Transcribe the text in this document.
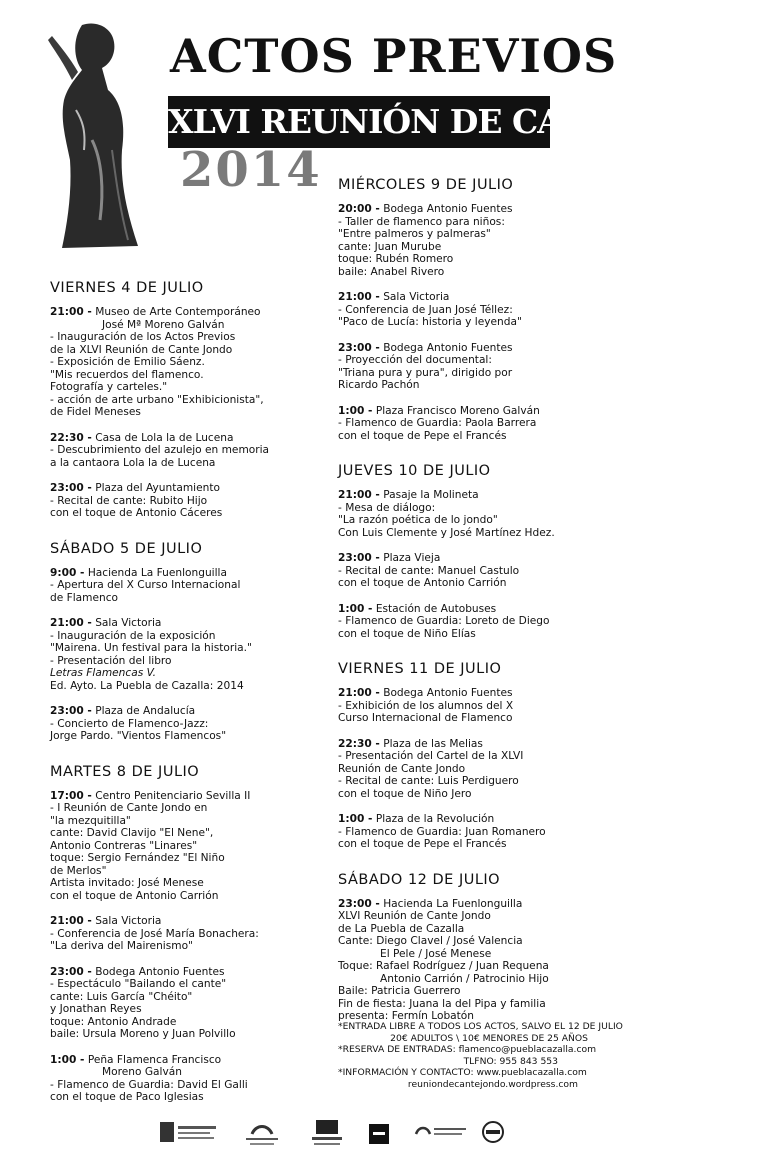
ACTOS PREVIOS
XLVI REUNIÓN DE CANTE JONDO
2014
VIERNES 4 DE JULIO
21:00 - Museo de Arte Contemporáneo
José Mª Moreno Galván
- Inauguración de los Actos Previos
de la XLVI Reunión de Cante Jondo
- Exposición de Emilio Sáenz.
"Mis recuerdos del flamenco.
Fotografía y carteles."
- acción de arte urbano "Exhibicionista",
de Fidel Meneses
22:30 - Casa de Lola la de Lucena
- Descubrimiento del azulejo en memoria
a la cantaora Lola la de Lucena
23:00 - Plaza del Ayuntamiento
- Recital de cante: Rubito Hijo
con el toque de Antonio Cáceres
SÁBADO 5 DE JULIO
9:00 - Hacienda La Fuenlonguilla
- Apertura del X Curso Internacional
de Flamenco
21:00 - Sala Victoria
- Inauguración de la exposición
"Mairena. Un festival para la historia."
- Presentación del libro
Letras Flamencas V.
Ed. Ayto. La Puebla de Cazalla: 2014
23:00 - Plaza de Andalucía
- Concierto de Flamenco-Jazz:
Jorge Pardo. "Vientos Flamencos"
MARTES 8 DE JULIO
17:00 - Centro Penitenciario Sevilla II
- I Reunión de Cante Jondo en
"la mezquitilla"
cante: David Clavijo "El Nene",
Antonio Contreras "Linares"
toque: Sergio Fernández "El Niño
de Merlos"
Artista invitado: José Menese
con el toque de Antonio Carrión
21:00 - Sala Victoria
- Conferencia de José María Bonachera:
"La deriva del Mairenismo"
23:00 - Bodega Antonio Fuentes
- Espectáculo "Bailando el cante"
cante: Luis García "Chéito"
y Jonathan Reyes
toque: Antonio Andrade
baile: Ursula Moreno y Juan Polvillo
1:00 - Peña Flamenca Francisco
Moreno Galván
- Flamenco de Guardia: David El Galli
con el toque de Paco Iglesias
MIÉRCOLES 9 DE JULIO
20:00 - Bodega Antonio Fuentes
- Taller de flamenco para niños:
"Entre palmeros y palmeras"
cante: Juan Murube
toque: Rubén Romero
baile: Anabel Rivero
21:00 - Sala Victoria
- Conferencia de Juan José Téllez:
"Paco de Lucía: historia y leyenda"
23:00 - Bodega Antonio Fuentes
- Proyección del documental:
"Triana pura y pura", dirigido por
Ricardo Pachón
1:00 - Plaza Francisco Moreno Galván
- Flamenco de Guardia: Paola Barrera
con el toque de Pepe el Francés
JUEVES 10 DE JULIO
21:00 - Pasaje la Molineta
- Mesa de diálogo:
"La razón poética de lo jondo"
Con Luis Clemente y José Martínez Hdez.
23:00 - Plaza Vieja
- Recital de cante: Manuel Castulo
con el toque de Antonio Carrión
1:00 - Estación de Autobuses
- Flamenco de Guardia: Loreto de Diego
con el toque de Niño Elías
VIERNES 11 DE JULIO
21:00 - Bodega Antonio Fuentes
- Exhibición de los alumnos del X
Curso Internacional de Flamenco
22:30 - Plaza de las Melias
- Presentación del Cartel de la XLVI
Reunión de Cante Jondo
- Recital de cante: Luis Perdiguero
con el toque de Niño Jero
1:00 - Plaza de la Revolución
- Flamenco de Guardia: Juan Romanero
con el toque de Pepe el Francés
SÁBADO 12 DE JULIO
23:00 - Hacienda La Fuenlonguilla
XLVI Reunión de Cante Jondo
de La Puebla de Cazalla
Cante: Diego Clavel / José Valencia
El Pele / José Menese
Toque: Rafael Rodríguez / Juan Requena
Antonio Carrión / Patrocinio Hijo
Baile: Patricia Guerrero
Fin de fiesta: Juana la del Pipa y familia
presenta: Fermín Lobatón
*ENTRADA LIBRE A TODOS LOS ACTOS, SALVO EL 12 DE JULIO
20€ ADULTOS \ 10€ MENORES DE 25 AÑOS
*RESERVA DE ENTRADAS: flamenco@pueblacazalla.com
TLFNO: 955 843 553
*INFORMACIÓN Y CONTACTO: www.pueblacazalla.com
reuniondecantejondo.wordpress.com
